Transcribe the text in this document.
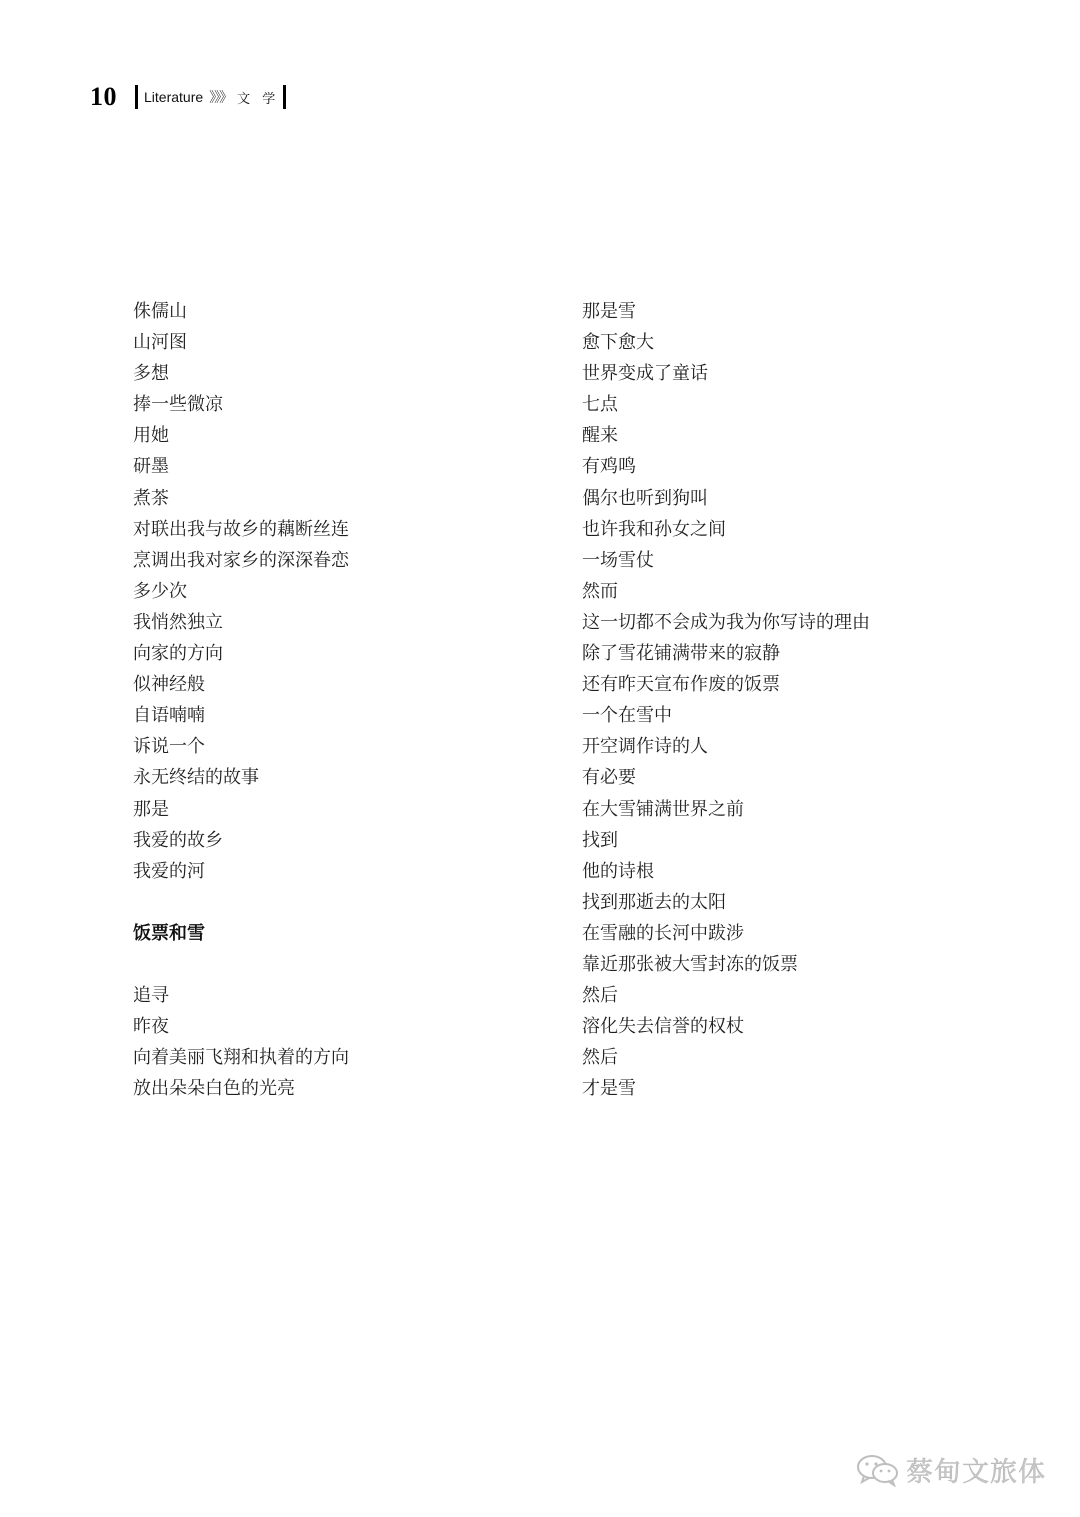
10 Literature 》》》 文 学
侏儒山
山河图
多想
捧一些微凉
用她
研墨
煮茶
对联出我与故乡的藕断丝连
烹调出我对家乡的深深眷恋
多少次
我悄然独立
向家的方向
似神经般
自语喃喃
诉说一个
永无终结的故事
那是
我爱的故乡
我爱的河
饭票和雪
追寻
昨夜
向着美丽飞翔和执着的方向
放出朵朵白色的光亮
那是雪
愈下愈大
世界变成了童话
七点
醒来
有鸡鸣
偶尔也听到狗叫
也许我和孙女之间
一场雪仗
然而
这一切都不会成为我为你写诗的理由
除了雪花铺满带来的寂静
还有昨天宣布作废的饭票
一个在雪中
开空调作诗的人
有必要
在大雪铺满世界之前
找到
他的诗根
找到那逝去的太阳
在雪融的长河中跋涉
靠近那张被大雪封冻的饭票
然后
溶化失去信誉的权杖
然后
才是雪
蔡甸文旅体
